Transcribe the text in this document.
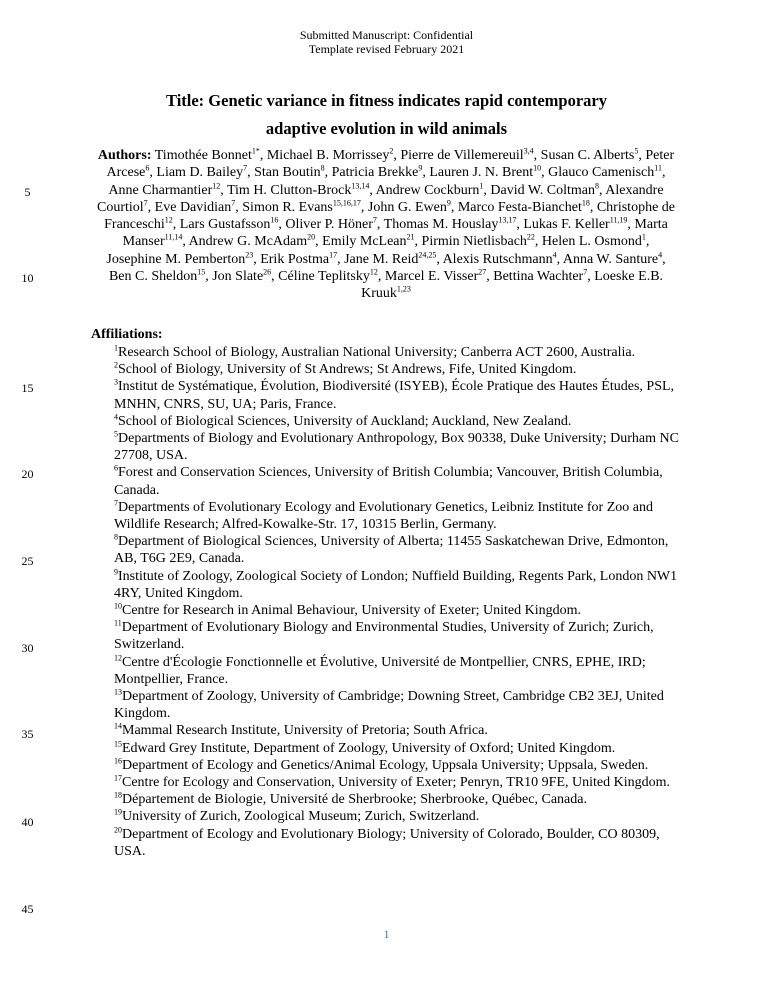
Submitted Manuscript: Confidential
Template revised February 2021
Title: Genetic variance in fitness indicates rapid contemporary
adaptive evolution in wild animals
Authors: Timothée Bonnet$^{1*}$, Michael B. Morrissey$^2$, Pierre de Villemereuil$^{3,4}$, Susan C. Alberts$^5$, Peter Arcese$^6$, Liam D. Bailey$^7$, Stan Boutin$^8$, Patricia Brekke$^9$, Lauren J. N. Brent$^{10}$, Glauco Camenisch$^{11}$, Anne Charmantier$^{12}$, Tim H. Clutton-Brock$^{13,14}$, Andrew Cockburn$^1$, David W. Coltman$^8$, Alexandre Courtiol$^7$, Eve Davidian$^7$, Simon R. Evans$^{15,16,17}$, John G. Ewen$^9$, Marco Festa-Bianchet$^{18}$, Christophe de Franceschi$^{12}$, Lars Gustafsson$^{16}$, Oliver P. Höner$^7$, Thomas M. Houslay$^{13,17}$, Lukas F. Keller$^{11,19}$, Marta Manser$^{11,14}$, Andrew G. McAdam$^{20}$, Emily McLean$^{21}$, Pirmin Nietlisbach$^{22}$, Helen L. Osmond$^1$, Josephine M. Pemberton$^{23}$, Erik Postma$^{17}$, Jane M. Reid$^{24,25}$, Alexis Rutschmann$^4$, Anna W. Santure$^4$, Ben C. Sheldon$^{15}$, Jon Slate$^{26}$, Céline Teplitsky$^{12}$, Marcel E. Visser$^{27}$, Bettina Wachter$^7$, Loeske E.B. Kruuk$^{1,23}$
5
10
15
20
25
30
35
40
45
Affiliations:
$^1$Research School of Biology, Australian National University; Canberra ACT 2600, Australia.
$^2$School of Biology, University of St Andrews; St Andrews, Fife, United Kingdom.
$^3$Institut de Systématique, Évolution, Biodiversité (ISYEB), École Pratique des Hautes Études, PSL, MNHN, CNRS, SU, UA; Paris, France.
$^4$School of Biological Sciences, University of Auckland; Auckland, New Zealand.
$^5$Departments of Biology and Evolutionary Anthropology, Box 90338, Duke University; Durham NC 27708, USA.
$^6$Forest and Conservation Sciences, University of British Columbia; Vancouver, British Columbia, Canada.
$^7$Departments of Evolutionary Ecology and Evolutionary Genetics, Leibniz Institute for Zoo and Wildlife Research; Alfred-Kowalke-Str. 17, 10315 Berlin, Germany.
$^8$Department of Biological Sciences, University of Alberta; 11455 Saskatchewan Drive, Edmonton, AB, T6G 2E9, Canada.
$^9$Institute of Zoology, Zoological Society of London; Nuffield Building, Regents Park, London NW1 4RY, United Kingdom.
$^{10}$Centre for Research in Animal Behaviour, University of Exeter; United Kingdom.
$^{11}$Department of Evolutionary Biology and Environmental Studies, University of Zurich; Zurich, Switzerland.
$^{12}$Centre d'Écologie Fonctionnelle et Évolutive, Université de Montpellier, CNRS, EPHE, IRD; Montpellier, France.
$^{13}$Department of Zoology, University of Cambridge; Downing Street, Cambridge CB2 3EJ, United Kingdom.
$^{14}$Mammal Research Institute, University of Pretoria; South Africa.
$^{15}$Edward Grey Institute, Department of Zoology, University of Oxford; United Kingdom.
$^{16}$Department of Ecology and Genetics/Animal Ecology, Uppsala University; Uppsala, Sweden.
$^{17}$Centre for Ecology and Conservation, University of Exeter; Penryn, TR10 9FE, United Kingdom.
$^{18}$Département de Biologie, Université de Sherbrooke; Sherbrooke, Québec, Canada.
$^{19}$University of Zurich, Zoological Museum; Zurich, Switzerland.
$^{20}$Department of Ecology and Evolutionary Biology; University of Colorado, Boulder, CO 80309, USA.
1
